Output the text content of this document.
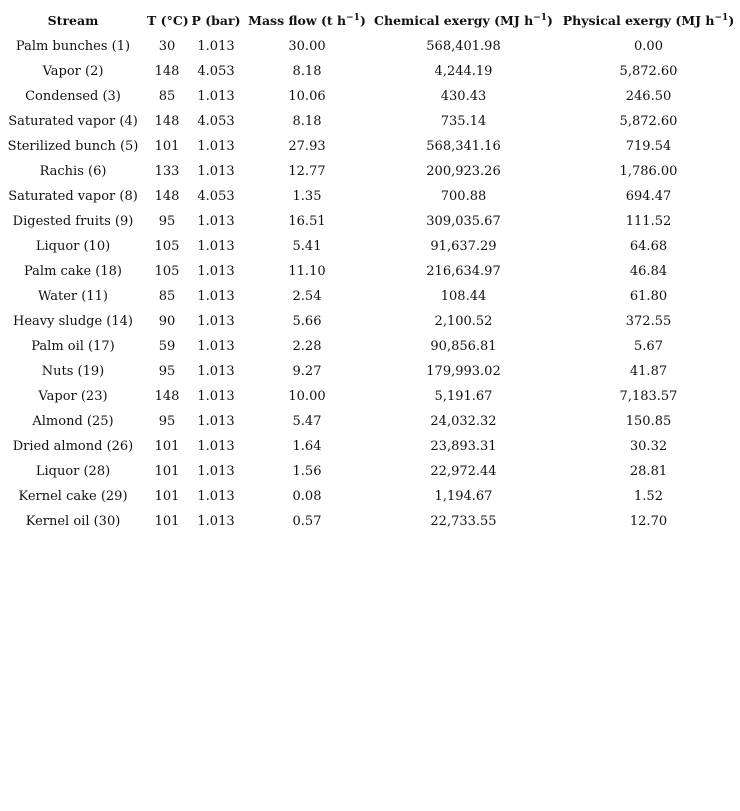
Stream	T (°C)	P (bar)	Mass flow (t $h^{-1}$)	Chemical exergy (MJ $h^{-1}$)	Physical exergy (MJ $h^{-1}$)
Palm bunches (1)	30	1.013	30.00	568,401.98	0.00
Vapor (2)	148	4.053	8.18	4,244.19	5,872.60
Condensed (3)	85	1.013	10.06	430.43	246.50
Saturated vapor (4)	148	4.053	8.18	735.14	5,872.60
Sterilized bunch (5)	101	1.013	27.93	568,341.16	719.54
Rachis (6)	133	1.013	12.77	200,923.26	1,786.00
Saturated vapor (8)	148	4.053	1.35	700.88	694.47
Digested fruits (9)	95	1.013	16.51	309,035.67	111.52
Liquor (10)	105	1.013	5.41	91,637.29	64.68
Palm cake (18)	105	1.013	11.10	216,634.97	46.84
Water (11)	85	1.013	2.54	108.44	61.80
Heavy sludge (14)	90	1.013	5.66	2,100.52	372.55
Palm oil (17)	59	1.013	2.28	90,856.81	5.67
Nuts (19)	95	1.013	9.27	179,993.02	41.87
Vapor (23)	148	1.013	10.00	5,191.67	7,183.57
Almond (25)	95	1.013	5.47	24,032.32	150.85
Dried almond (26)	101	1.013	1.64	23,893.31	30.32
Liquor (28)	101	1.013	1.56	22,972.44	28.81
Kernel cake (29)	101	1.013	0.08	1,194.67	1.52
Kernel oil (30)	101	1.013	0.57	22,733.55	12.70
